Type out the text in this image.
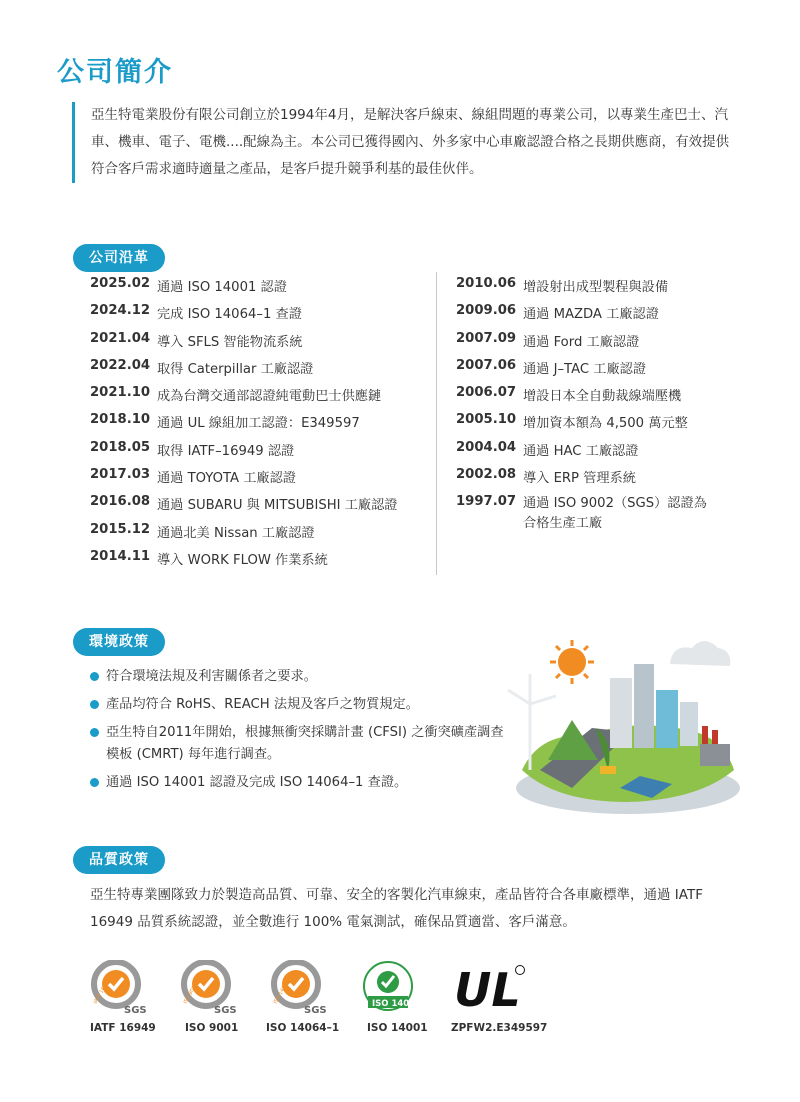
公司簡介

亞生特電業股份有限公司創立於1994年4月，是解決客戶線束、線組問題的專業公司，以專業生產巴士、汽車、機車、電子、電機....配線為主。本公司已獲得國內、外多家中心車廠認證合格之長期供應商，有效提供符合客戶需求適時適量之產品，是客戶提升競爭利基的最佳伙伴。

公司沿革
2025.02 通過 ISO 14001 認證
2024.12 完成 ISO 14064–1 查證
2021.04 導入 SFLS 智能物流系統
2022.04 取得 Caterpillar 工廠認證
2021.10 成為台灣交通部認證純電動巴士供應鏈
2018.10 通過 UL 線組加工認證：E349597
2018.05 取得 IATF–16949 認證
2017.03 通過 TOYOTA 工廠認證
2016.08 通過 SUBARU 與 MITSUBISHI 工廠認證
2015.12 通過北美 Nissan 工廠認證
2014.11 導入 WORK FLOW 作業系統
2010.06 增設射出成型製程與設備
2009.06 通過 MAZDA 工廠認證
2007.09 通過 Ford 工廠認證
2007.06 通過 J–TAC 工廠認證
2006.07 增設日本全自動裁線端壓機
2005.10 增加資本額為 4,500 萬元整
2004.04 通過 HAC 工廠認證
2002.08 導入 ERP 管理系統
1997.07 通過 ISO 9002（SGS）認證為合格生產工廠
環境政策
符合環境法規及利害關係者之要求。
產品均符合 RoHS、REACH 法規及客戶之物質規定。
亞生特自2011年開始，根據無衝突採購計畫 (CFSI) 之衝突礦產調查模板 (CMRT) 每年進行調查。
通過 ISO 14001 認證及完成 ISO 14064–1 查證。
品質政策

亞生特專業團隊致力於製造高品質、可靠、安全的客製化汽車線束，產品皆符合各車廠標準，通過 IATF 16949 品質系統認證，並全數進行 100% 電氣測試，確保品質適當、客戶滿意。

IATF 16949
SGS
ISO 9001
SGS
ISO 14064-1
SGS
ISO 14001 UL
IATF 16949	ISO 9001	ISO 14064–1	ISO 14001 ZPFW2.E349597
